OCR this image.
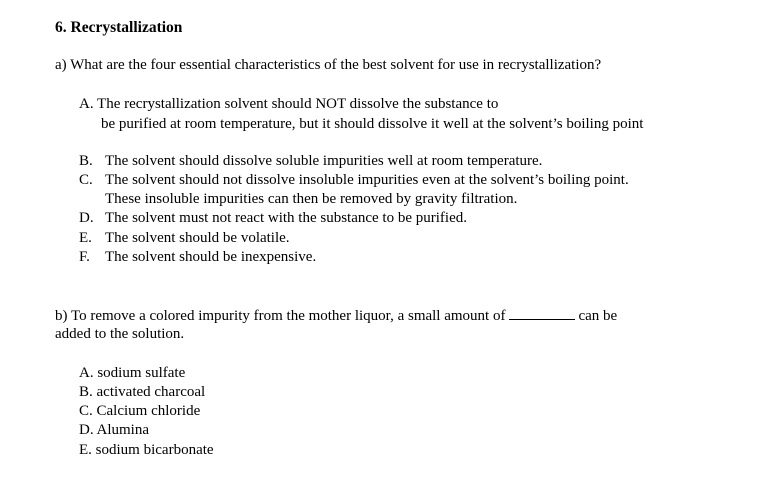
6. Recrystallization
a) What are the four essential characteristics of the best solvent for use in recrystallization?
A. The recrystallization solvent should NOT dissolve the substance to
be purified at room temperature, but it should dissolve it well at the solvent’s boiling point
B. The solvent should dissolve soluble impurities well at room temperature.
C. The solvent should not dissolve insoluble impurities even at the solvent’s boiling point.
These insoluble impurities can then be removed by gravity filtration.
D. The solvent must not react with the substance to be purified.
E. The solvent should be volatile.
F. The solvent should be inexpensive.
b) To remove a colored impurity from the mother liquor, a small amount of	can be
added to the solution.
A. sodium sulfate
B. activated charcoal
C. Calcium chloride
D. Alumina
E. sodium bicarbonate
